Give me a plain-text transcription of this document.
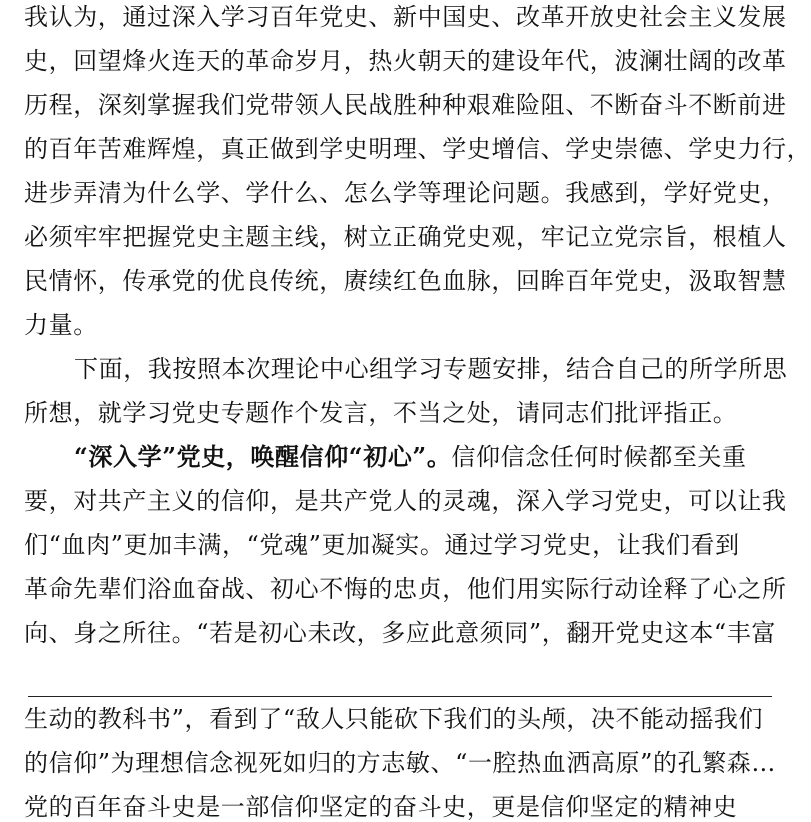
我认为，通过深入学习百年党史、新中国史、改革开放史社会主义发展
史，回望烽火连天的革命岁月，热火朝天的建设年代，波澜壮阔的改革
历程，深刻掌握我们党带领人民战胜种种艰难险阻、不断奋斗不断前进
的百年苦难辉煌，真正做到学史明理、学史增信、学史崇德、学史力行，
进步弄清为什么学、学什么、怎么学等理论问题。我感到，学好党史，
必须牢牢把握党史主题主线，树立正确党史观，牢记立党宗旨，根植人
民情怀，传承党的优良传统，赓续红色血脉，回眸百年党史，汲取智慧
力量。
下面，我按照本次理论中心组学习专题安排，结合自己的所学所思
所想，就学习党史专题作个发言，不当之处，请同志们批评指正。
“深入学”党史，唤醒信仰“初心”。信仰信念任何时候都至关重
要，对共产主义的信仰，是共产党人的灵魂，深入学习党史，可以让我
们“血肉”更加丰满，“党魂”更加凝实。通过学习党史，让我们看到
革命先辈们浴血奋战、初心不悔的忠贞，他们用实际行动诠释了心之所
向、身之所往。“若是初心未改，多应此意须同”，翻开党史这本“丰富
生动的教科书”，看到了“敌人只能砍下我们的头颅，决不能动摇我们
的信仰”为理想信念视死如归的方志敏、“一腔热血洒高原”的孔繁森…
党的百年奋斗史是一部信仰坚定的奋斗史，更是信仰坚定的精神史
